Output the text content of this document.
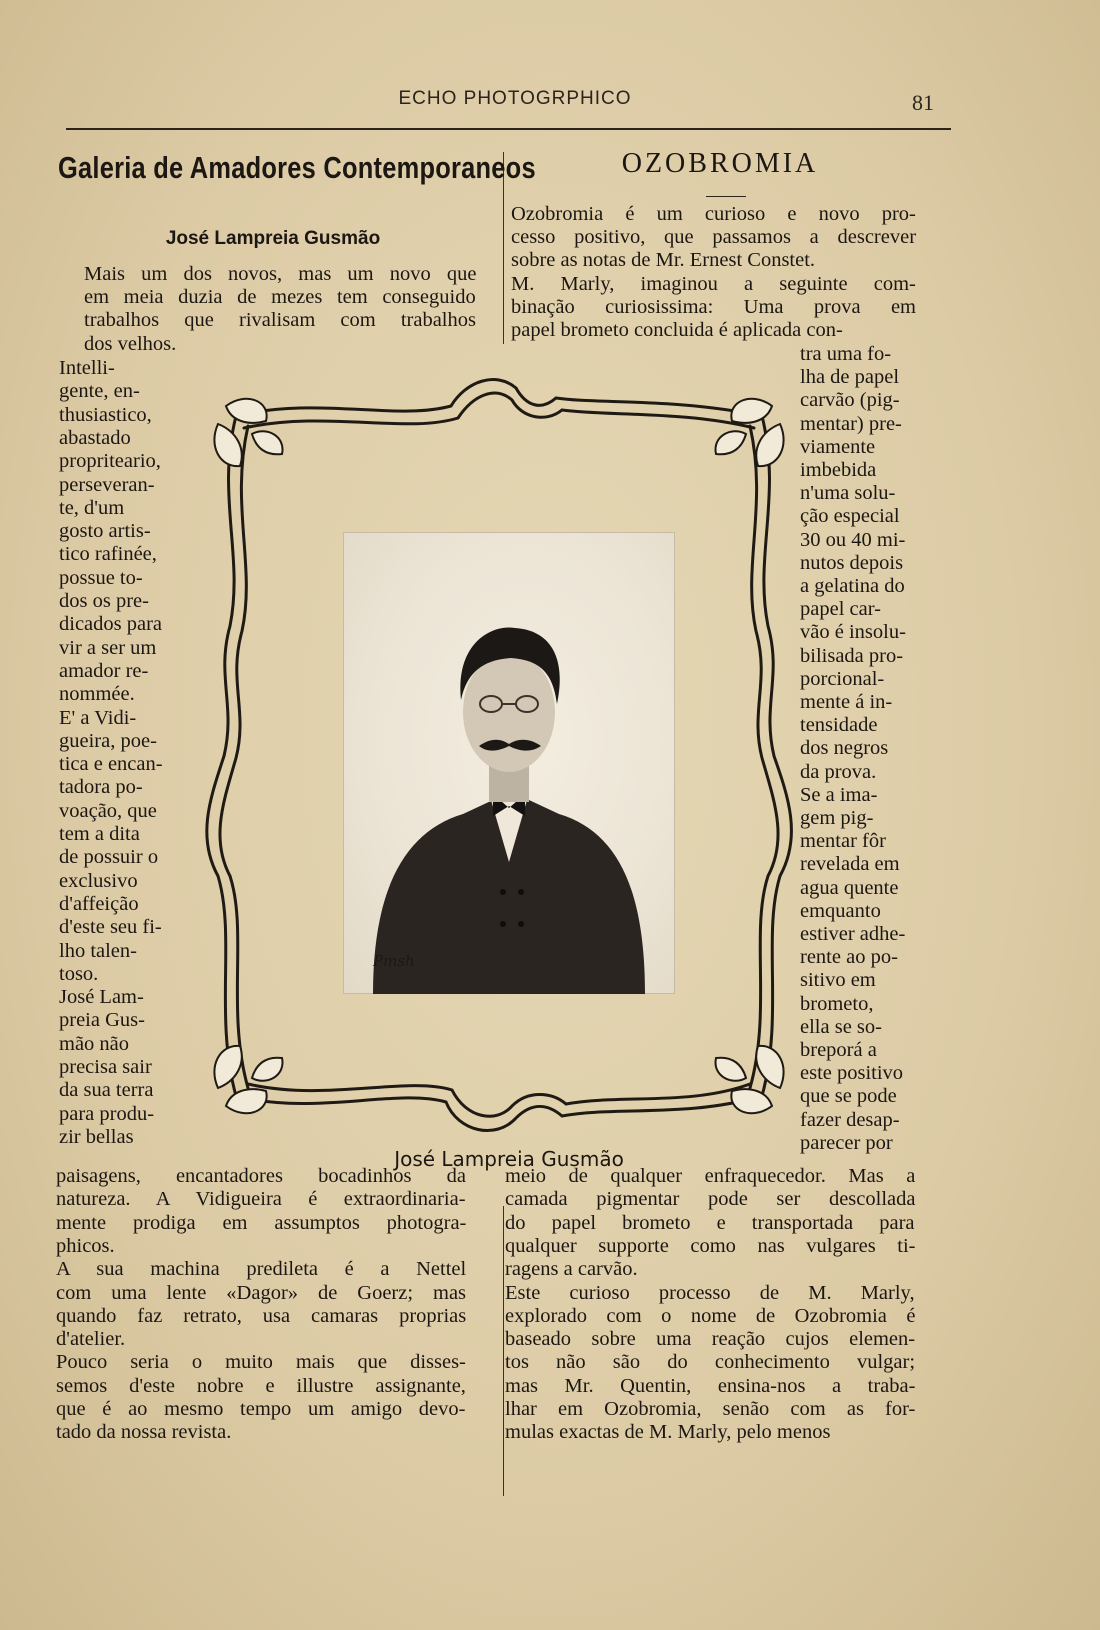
ECHO PHOTOGRPHICO	81
Galeria de Amadores Contemporaneos
José Lampreia Gusmão
OZOBROMIA
Mais um dos novos, mas um novo que
em meia duzia de mezes tem conseguido
trabalhos que rivalisam com trabalhos
dos velhos.
Intelli-
gente, en-
thusiastico,
abastado
propriteario,
perseveran-
te, d'um
gosto artis-
tico rafinée,
possue to-
dos os pre-
dicados para
vir a ser um
amador re-
nommée.
E' a Vidi-
gueira, poe-
tica e encan-
tadora po-
voação, que
tem a dita
de possuir o
exclusivo
d'affeição
d'este seu fi-
lho talen-
toso.
José Lam-
preia Gus-
mão não
precisa sair
da sua terra
para produ-
zir bellas
paisagens, encantadores bocadinhos da
natureza. A Vidigueira é extraordinaria-
mente prodiga em assumptos photogra-
phicos.
A sua machina predileta é a Nettel
com uma lente «Dagor» de Goerz; mas
quando faz retrato, usa camaras proprias
d'atelier.
Pouco seria o muito mais que disses-
semos d'este nobre e illustre assignante,
que é ao mesmo tempo um amigo devo-
tado da nossa revista.
Ozobromia é um curioso e novo pro-
cesso positivo, que passamos a descrever
sobre as notas de Mr. Ernest Constet.
M. Marly, imaginou a seguinte com-
binação curiosissima: Uma prova em
papel brometo concluida é aplicada con-
tra uma fo-
lha de papel
carvão (pig-
mentar) pre-
viamente
imbebida
n'uma solu-
ção especial
30 ou 40 mi-
nutos depois
a gelatina do
papel car-
vão é insolu-
bilisada pro-
porcional-
mente á in-
tensidade
dos negros
da prova.
Se a ima-
gem pig-
mentar fôr
revelada em
agua quente
emquanto
estiver adhe-
rente ao po-
sitivo em
brometo,
ella se so-
breporá a
este positivo
que se pode
fazer desap-
parecer por
meio de qualquer enfraquecedor. Mas a
camada pigmentar pode ser descollada
do papel brometo e transportada para
qualquer supporte como nas vulgares ti-
ragens a carvão.
Este curioso processo de M. Marly,
explorado com o nome de Ozobromia é
baseado sobre uma reação cujos elemen-
tos não são do conhecimento vulgar;
mas Mr. Quentin, ensina-nos a traba-
lhar em Ozobromia, senão com as for-
mulas exactas de M. Marly, pelo menos
Pmsh
José Lampreia Gusmão
